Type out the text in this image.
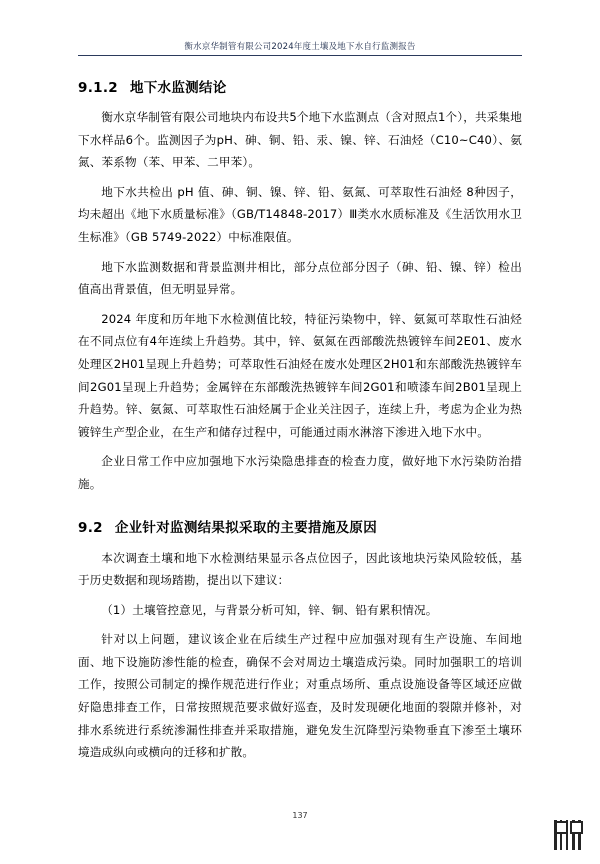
衡水京华制管有限公司2024年度土壤及地下水自行监测报告
9.1.2 地下水监测结论

衡水京华制管有限公司地块内布设共5个地下水监测点（含对照点1个），共采集地下水样品6个。监测因子为pH、砷、铜、铅、汞、镍、锌、石油烃（C10~C40）、氨氮、苯系物（苯、甲苯、二甲苯）。

地下水共检出 pH 值、砷、铜、镍、锌、铅、氨氮、可萃取性石油烃 8种因子，均未超出《地下水质量标准》（GB/T14848-2017）Ⅲ类水水质标准及《生活饮用水卫生标准》（GB 5749-2022）中标准限值。

地下水监测数据和背景监测井相比，部分点位部分因子（砷、铅、镍、锌）检出值高出背景值，但无明显异常。

2024 年度和历年地下水检测值比较，特征污染物中，锌、氨氮可萃取性石油烃在不同点位有4年连续上升趋势。其中，锌、氨氮在西部酸洗热镀锌车间2E01、废水处理区2H01呈现上升趋势；可萃取性石油烃在废水处理区2H01和东部酸洗热镀锌车间2G01呈现上升趋势；金属锌在东部酸洗热镀锌车间2G01和喷漆车间2B01呈现上升趋势。锌、氨氮、可萃取性石油烃属于企业关注因子，连续上升，考虑为企业为热镀锌生产型企业，在生产和储存过程中，可能通过雨水淋溶下渗进入地下水中。

企业日常工作中应加强地下水污染隐患排查的检查力度，做好地下水污染防治措施。

9.2 企业针对监测结果拟采取的主要措施及原因

本次调查土壤和地下水检测结果显示各点位因子，因此该地块污染风险较低，基于历史数据和现场踏勘，提出以下建议：

（1）土壤管控意见，与背景分析可知，锌、铜、铅有累积情况。

针对以上问题，建议该企业在后续生产过程中应加强对现有生产设施、车间地面、地下设施防渗性能的检查，确保不会对周边土壤造成污染。同时加强职工的培训工作，按照公司制定的操作规范进行作业；对重点场所、重点设施设备等区域还应做好隐患排查工作，日常按照规范要求做好巡查，及时发现硬化地面的裂隙并修补，对排水系统进行系统渗漏性排查并采取措施，避免发生沉降型污染物垂直下渗至土壤环境造成纵向或横向的迁移和扩散。

137
